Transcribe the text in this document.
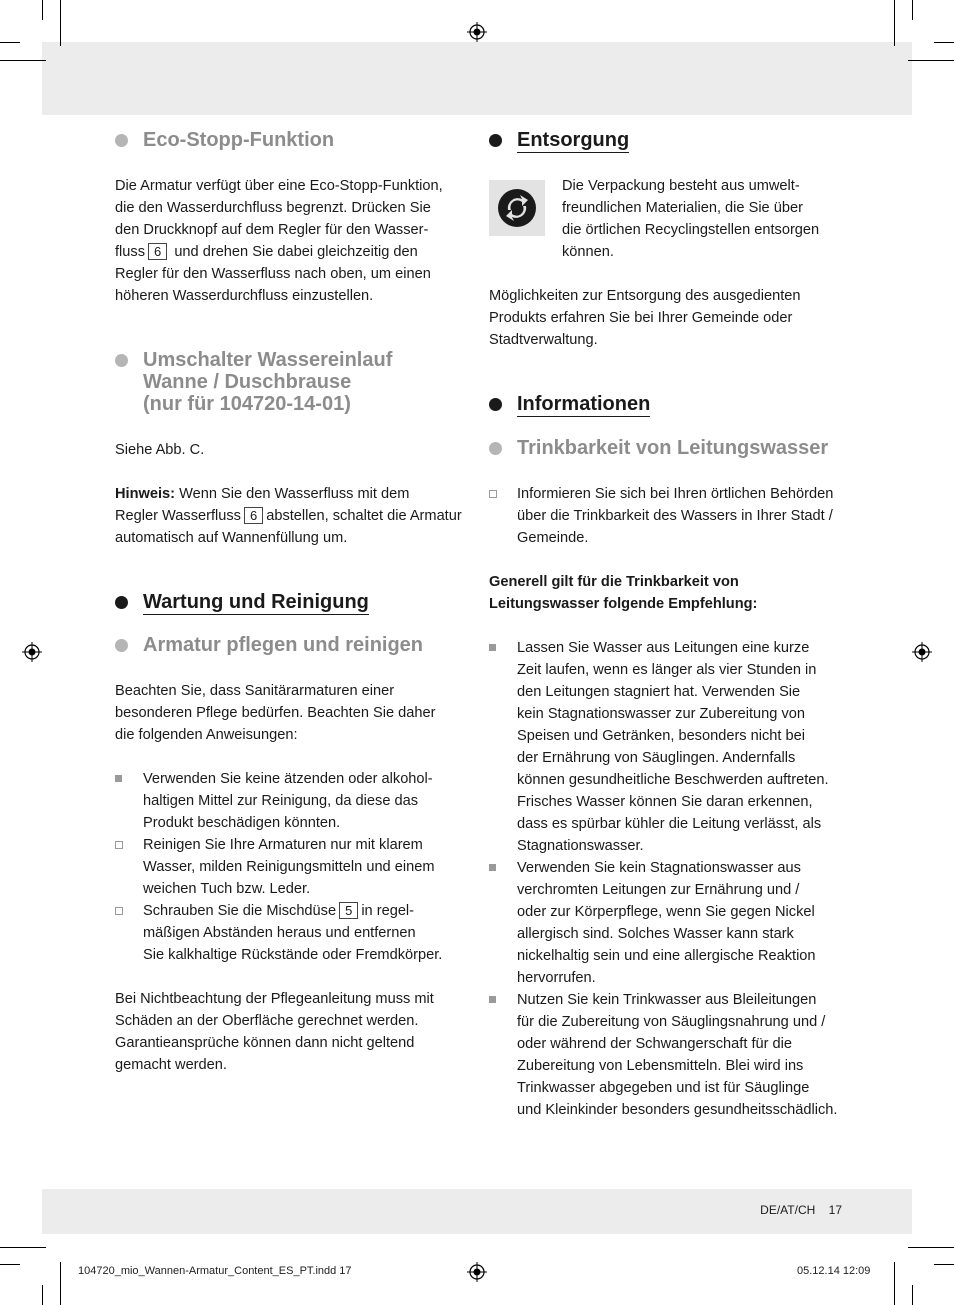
Eco-Stopp-Funktion

Die Armatur verfügt über eine Eco-Stopp-Funktion,
die den Wasserdurchfluss begrenzt. Drücken Sie
den Druckknopf auf dem Regler für den Wasser-
fluss 6 und drehen Sie dabei gleichzeitig den
Regler für den Wasserfluss nach oben, um einen
höheren Wasserdurchfluss einzustellen.

Umschalter Wassereinlauf
Wanne / Duschbrause
(nur für 104720-14-01)

Siehe Abb. C.

Hinweis: Wenn Sie den Wasserfluss mit dem
Regler Wasserfluss 6 abstellen, schaltet die Armatur
automatisch auf Wannenfüllung um.

Wartung und Reinigung
Armatur pflegen und reinigen

Beachten Sie, dass Sanitärarmaturen einer
besonderen Pflege bedürfen. Beachten Sie daher
die folgenden Anweisungen:

Verwenden Sie keine ätzenden oder alkohol-
haltigen Mittel zur Reinigung, da diese das
Produkt beschädigen könnten.
Reinigen Sie Ihre Armaturen nur mit klarem
Wasser, milden Reinigungsmitteln und einem
weichen Tuch bzw. Leder.
Schrauben Sie die Mischdüse 5 in regel-
mäßigen Abständen heraus und entfernen
Sie kalkhaltige Rückstände oder Fremdkörper.

Bei Nichtbeachtung der Pflegeanleitung muss mit
Schäden an der Oberfläche gerechnet werden.
Garantieansprüche können dann nicht geltend
gemacht werden.

Entsorgung

Die Verpackung besteht aus umwelt-
freundlichen Materialien, die Sie über
die örtlichen Recyclingstellen entsorgen
können.

Möglichkeiten zur Entsorgung des ausgedienten
Produkts erfahren Sie bei Ihrer Gemeinde oder
Stadtverwaltung.

Informationen
Trinkbarkeit von Leitungswasser
Informieren Sie sich bei Ihren örtlichen Behörden
über die Trinkbarkeit des Wassers in Ihrer Stadt /
Gemeinde.

Generell gilt für die Trinkbarkeit von
Leitungswasser folgende Empfehlung:

Lassen Sie Wasser aus Leitungen eine kurze
Zeit laufen, wenn es länger als vier Stunden in
den Leitungen stagniert hat. Verwenden Sie
kein Stagnationswasser zur Zubereitung von
Speisen und Getränken, besonders nicht bei
der Ernährung von Säuglingen. Andernfalls
können gesundheitliche Beschwerden auftreten.
Frisches Wasser können Sie daran erkennen,
dass es spürbar kühler die Leitung verlässt, als
Stagnationswasser.
Verwenden Sie kein Stagnationswasser aus
verchromten Leitungen zur Ernährung und /
oder zur Körperpflege, wenn Sie gegen Nickel
allergisch sind. Solches Wasser kann stark
nickelhaltig sein und eine allergische Reaktion
hervorrufen.
Nutzen Sie kein Trinkwasser aus Bleileitungen
für die Zubereitung von Säuglingsnahrung und /
oder während der Schwangerschaft für die
Zubereitung von Lebensmitteln. Blei wird ins
Trinkwasser abgegeben und ist für Säuglinge
und Kleinkinder besonders gesundheitsschädlich.
DE/AT/CH 17
104720_mio_Wannen-Armatur_Content_ES_PT.indd 17	05.12.14 12:09
